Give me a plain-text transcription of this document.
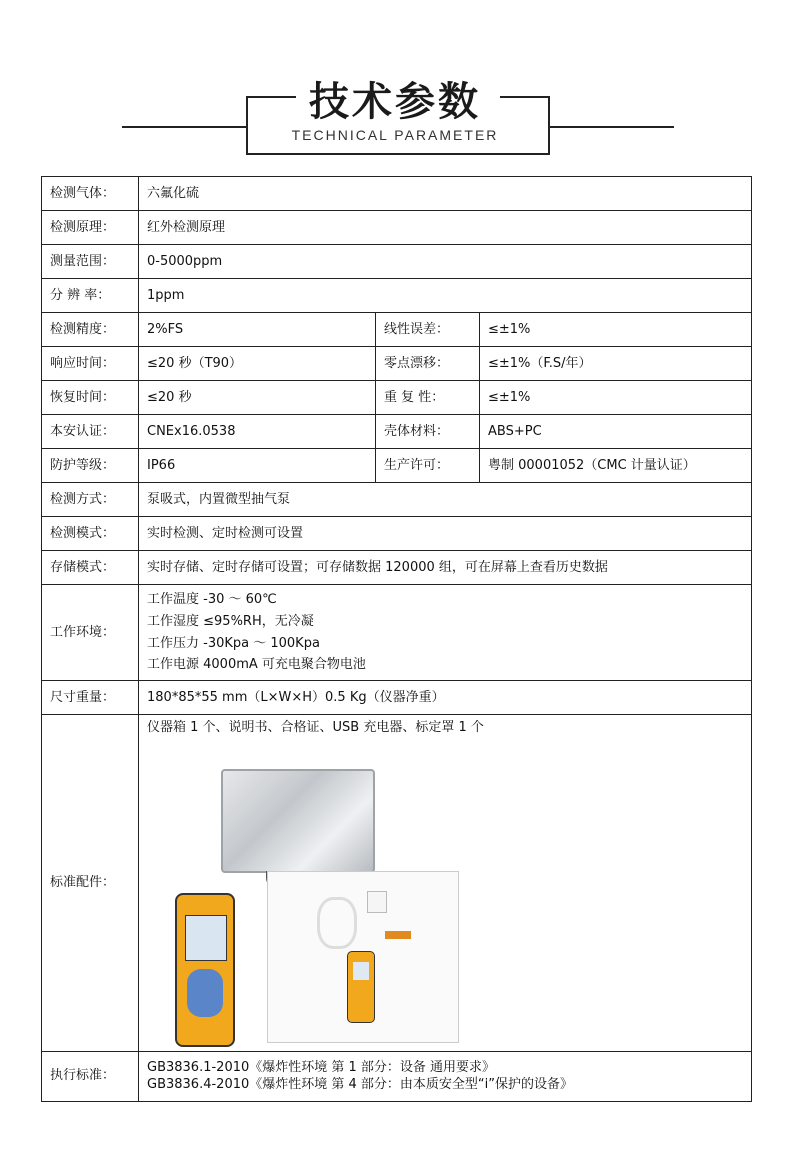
技术参数
TECHNICAL PARAMETER
检测气体：	六氟化硫		
检测原理：	红外检测原理		
测量范围：	0-5000ppm		
分 辨 率：	1ppm		
检测精度：	2%FS	线性误差：	≤±1%
响应时间：	≤20 秒（T90）	零点漂移：	≤±1%（F.S/年）
恢复时间：	≤20 秒	重 复 性：	≤±1%
本安认证：	CNEx16.0538	壳体材料：	ABS+PC
防护等级：	IP66	生产许可：	粤制 00001052（CMC 计量认证）
检测方式：	泵吸式，内置微型抽气泵		
检测模式：	实时检测、定时检测可设置		
存储模式：	实时存储、定时存储可设置；可存储数据 120000 组，可在屏幕上查看历史数据		
工作环境：	工作温度 -30 ～ 60℃
工作湿度 ≤95%RH，无冷凝
工作压力 -30Kpa ～ 100Kpa
工作电源 4000mA 可充电聚合物电池		

尺寸重量：	180*85*55 mm（L×W×H）0.5 Kg（仪器净重）		
标准配件：	仪器箱 1 个、说明书、合格证、USB 充电器、标定罩 1 个		

执行标准：	GB3836.1-2010《爆炸性环境 第 1 部分：设备 通用要求》
GB3836.4-2010《爆炸性环境 第 4 部分：由本质安全型“i”保护的设备》		
